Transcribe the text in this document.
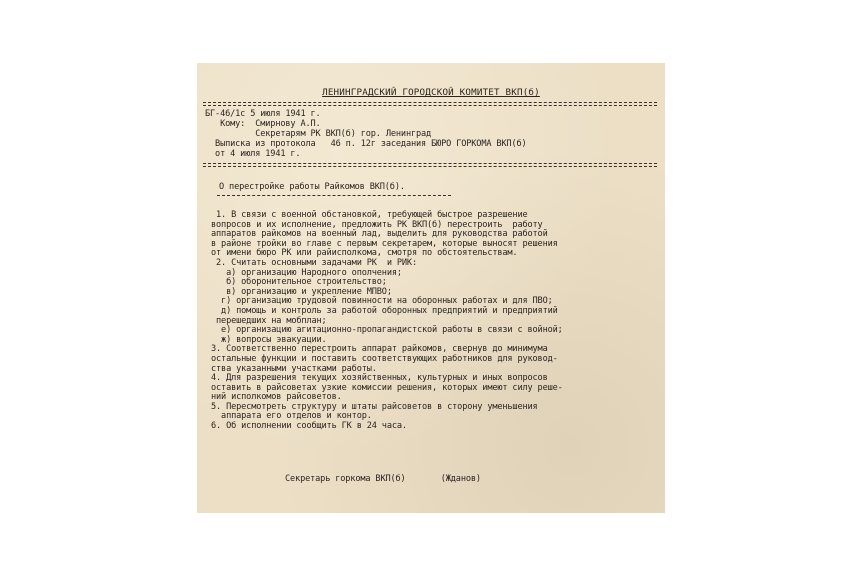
ЛЕНИНГРАДСКИЙ ГОРОДСКОЙ КОМИТЕТ ВКП(б)
БГ-46/1с 5 июля 1941 г.
Кому:  Смирнову А.П.
Секретарям РК ВКП(б) гор. Ленинград
Выписка из протокола   46 п. 12г заседания БЮРО ГОРКОМА ВКП(б)
от 4 июля 1941 г.
О перестройке работы Райкомов ВКП(б).
1. В связи с военной обстановкой, требующей быстрое разрешение
вопросов и их исполнение, предложить РК ВКП(б) перестроить  работу
аппаратов райкомов на военный лад, выделить для руководства работой
в районе тройки во главе с первым секретарем, которые выносят решения
от имени бюро РК или райисполкома, смотря по обстоятельствам.
2. Считать основными задачами РК  и РИК:
а) организацию Народного ополчения;
б) оборонительное строительство;
в) организацию и укрепление МПВО;
г) организацию трудовой повинности на оборонных работах и для ПВО;
д) помощь и контроль за работой оборонных предприятий и предприятий
перешедших на мобплан;
е) организацию агитационно-пропагандистской работы в связи с войной;
ж) вопросы эвакуации.
3. Соответственно перестроить аппарат райкомов, свернув до минимума
остальные функции и поставить соответствующих работников для руковод-
ства указанными участками работы.
4. Для разрешения текущих хозяйственных, культурных и иных вопросов
оставить в райсоветах узкие комиссии решения, которых имеют силу реше-
ний исполкомов райсоветов.
5. Пересмотреть структуру и штаты райсоветов в сторону уменьшения
аппарата его отделов и контор.
6. Об исполнении сообщить ГК в 24 часа.
Секретарь горкома ВКП(б)       (Жданов)
